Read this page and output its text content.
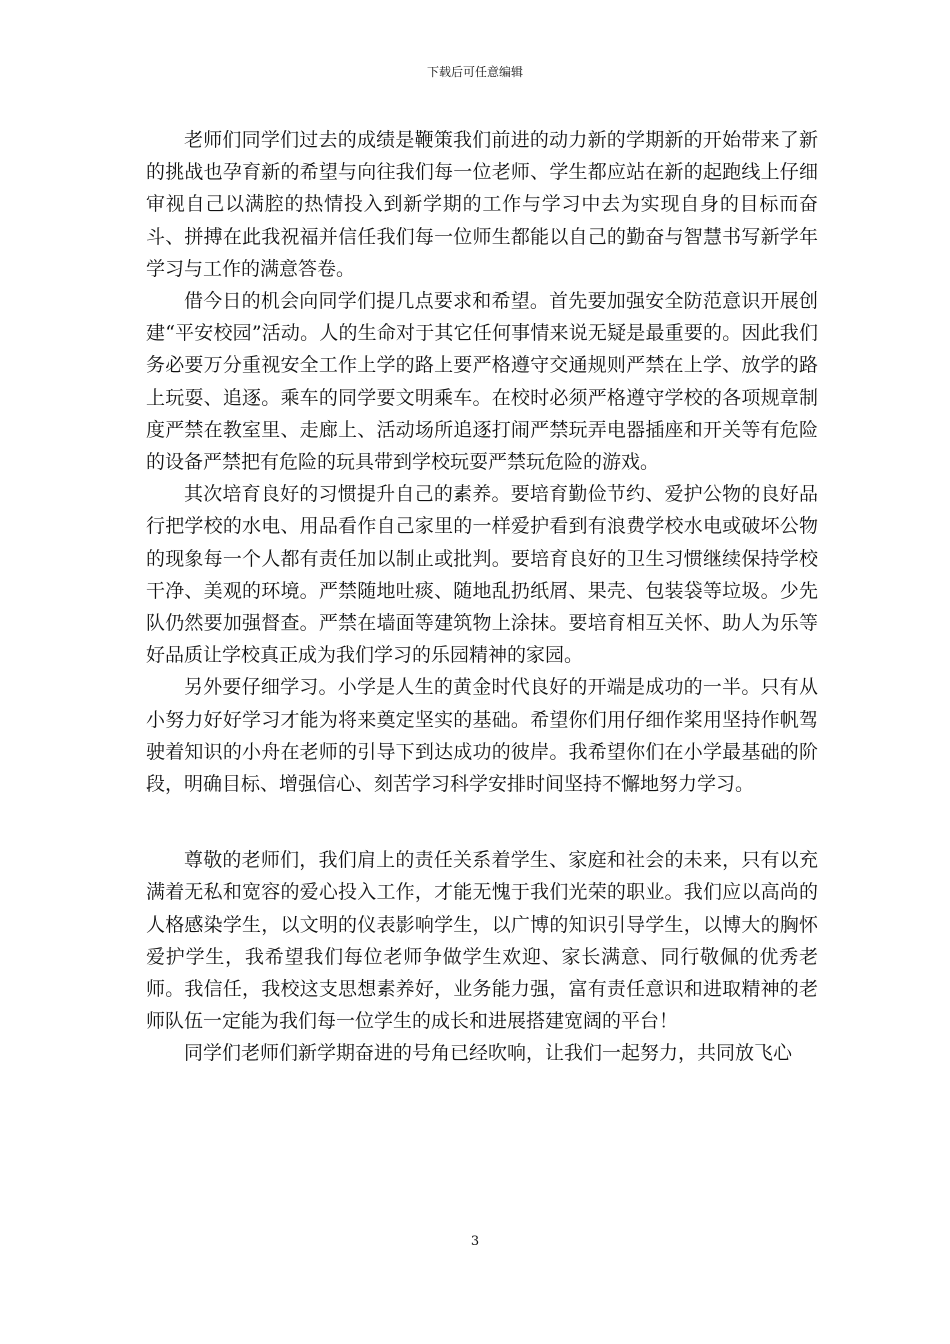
下载后可任意编辑

老师们同学们过去的成绩是鞭策我们前进的动力新的学期新的开始带来了新的挑战也孕育新的希望与向往我们每一位老师、学生都应站在新的起跑线上仔细审视自己以满腔的热情投入到新学期的工作与学习中去为实现自身的目标而奋斗、拼搏在此我祝福并信任我们每一位师生都能以自己的勤奋与智慧书写新学年学习与工作的满意答卷。

借今日的机会向同学们提几点要求和希望。首先要加强安全防范意识开展创建“平安校园”活动。人的生命对于其它任何事情来说无疑是最重要的。因此我们务必要万分重视安全工作上学的路上要严格遵守交通规则严禁在上学、放学的路上玩耍、追逐。乘车的同学要文明乘车。在校时必须严格遵守学校的各项规章制度严禁在教室里、走廊上、活动场所追逐打闹严禁玩弄电器插座和开关等有危险的设备严禁把有危险的玩具带到学校玩耍严禁玩危险的游戏。

其次培育良好的习惯提升自己的素养。要培育勤俭节约、爱护公物的良好品行把学校的水电、用品看作自己家里的一样爱护看到有浪费学校水电或破坏公物的现象每一个人都有责任加以制止或批判。要培育良好的卫生习惯继续保持学校干净、美观的环境。严禁随地吐痰、随地乱扔纸屑、果壳、包装袋等垃圾。少先队仍然要加强督查。严禁在墙面等建筑物上涂抹。要培育相互关怀、助人为乐等好品质让学校真正成为我们学习的乐园精神的家园。

另外要仔细学习。小学是人生的黄金时代良好的开端是成功的一半。只有从小努力好好学习才能为将来奠定坚实的基础。希望你们用仔细作桨用坚持作帆驾驶着知识的小舟在老师的引导下到达成功的彼岸。我希望你们在小学最基础的阶段，明确目标、增强信心、刻苦学习科学安排时间坚持不懈地努力学习。

尊敬的老师们，我们肩上的责任关系着学生、家庭和社会的未来，只有以充满着无私和宽容的爱心投入工作，才能无愧于我们光荣的职业。我们应以高尚的人格感染学生，以文明的仪表影响学生，以广博的知识引导学生，以博大的胸怀爱护学生，我希望我们每位老师争做学生欢迎、家长满意、同行敬佩的优秀老师。我信任，我校这支思想素养好，业务能力强，富有责任意识和进取精神的老师队伍一定能为我们每一位学生的成长和进展搭建宽阔的平台！

同学们老师们新学期奋进的号角已经吹响，让我们一起努力，共同放飞心

3
